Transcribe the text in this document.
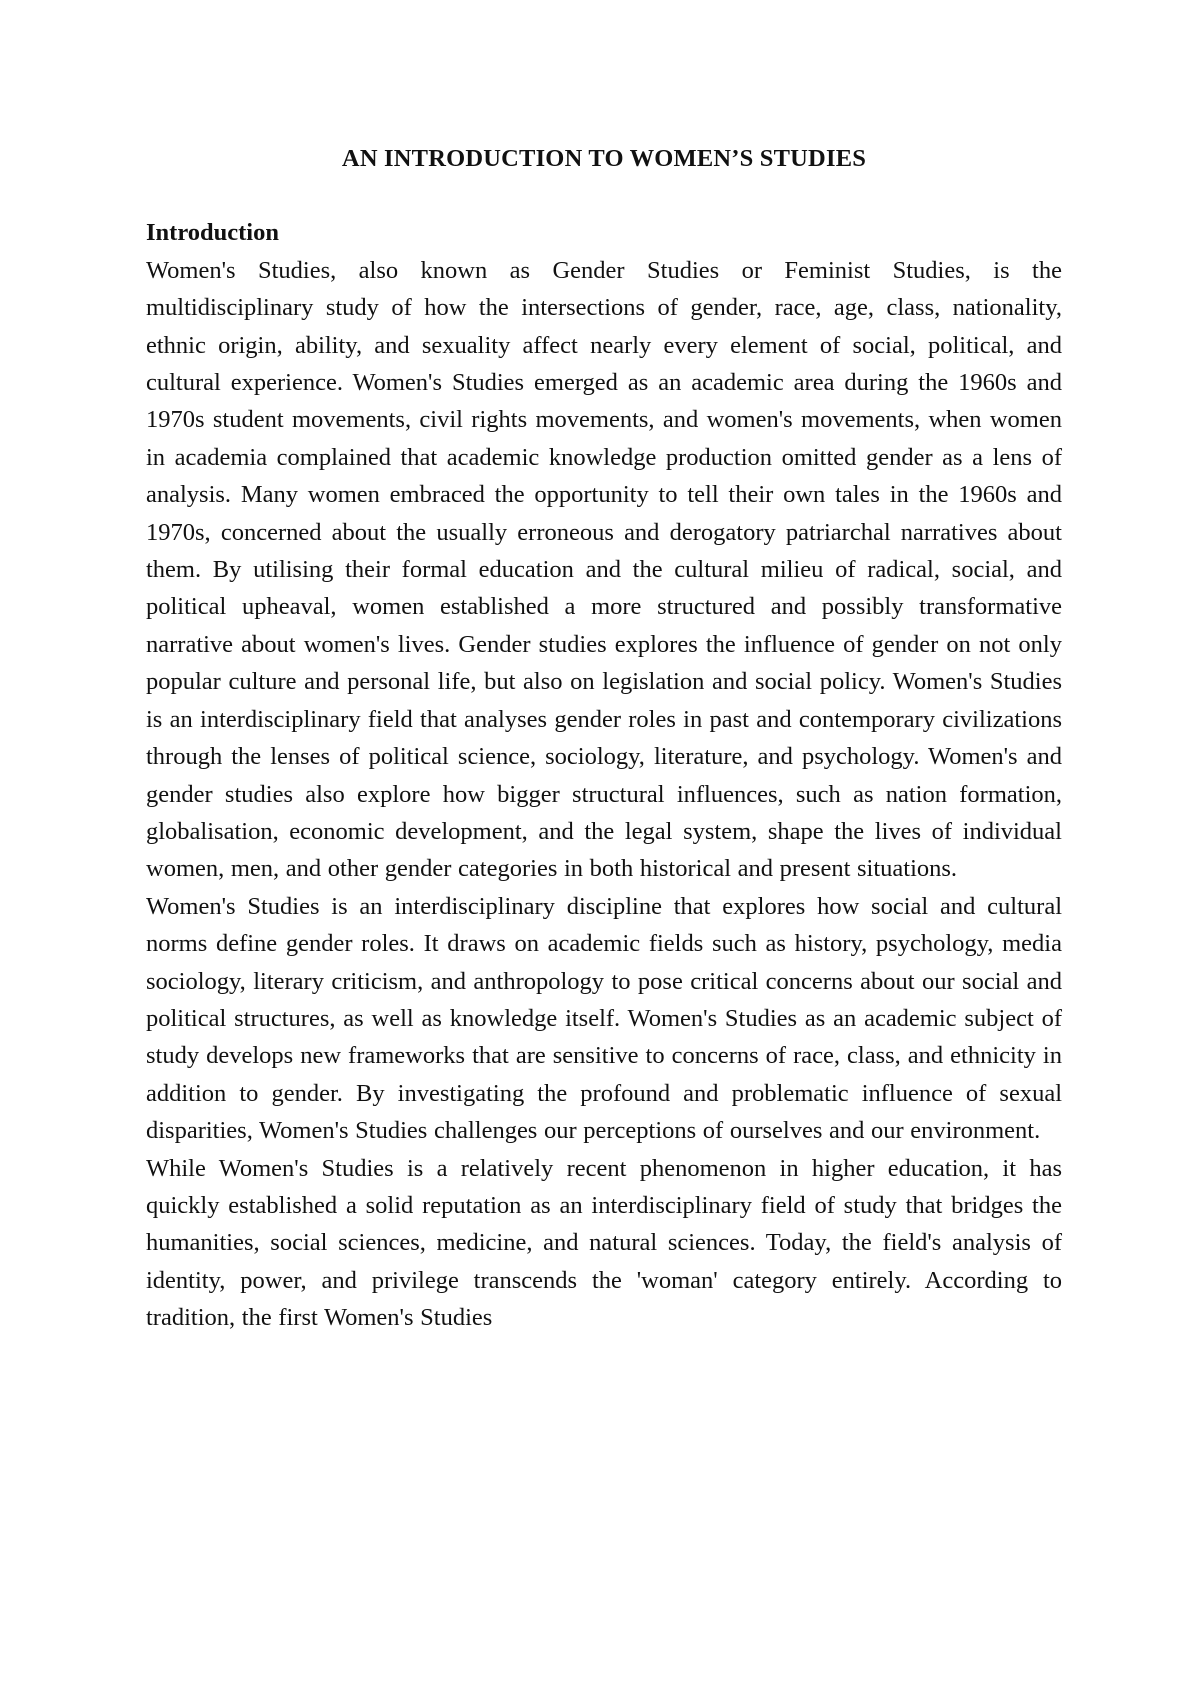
AN INTRODUCTION TO WOMEN’S STUDIES
Introduction

Women's Studies, also known as Gender Studies or Feminist Studies, is the multidisciplinary study of how the intersections of gender, race, age, class, nationality, ethnic origin, ability, and sexuality affect nearly every element of social, political, and cultural experience. Women's Studies emerged as an academic area during the 1960s and 1970s student movements, civil rights movements, and women's movements, when women in academia complained that academic knowledge production omitted gender as a lens of analysis. Many women embraced the opportunity to tell their own tales in the 1960s and 1970s, concerned about the usually erroneous and derogatory patriarchal narratives about them. By utilising their formal education and the cultural milieu of radical, social, and political upheaval, women established a more structured and possibly transformative narrative about women's lives. Gender studies explores the influence of gender on not only popular culture and personal life, but also on legislation and social policy. Women's Studies is an interdisciplinary field that analyses gender roles in past and contemporary civilizations through the lenses of political science, sociology, literature, and psychology. Women's and gender studies also explore how bigger structural influences, such as nation formation, globalisation, economic development, and the legal system, shape the lives of individual women, men, and other gender categories in both historical and present situations.

Women's Studies is an interdisciplinary discipline that explores how social and cultural norms define gender roles. It draws on academic fields such as history, psychology, media sociology, literary criticism, and anthropology to pose critical concerns about our social and political structures, as well as knowledge itself. Women's Studies as an academic subject of study develops new frameworks that are sensitive to concerns of race, class, and ethnicity in addition to gender. By investigating the profound and problematic influence of sexual disparities, Women's Studies challenges our perceptions of ourselves and our environment.

While Women's Studies is a relatively recent phenomenon in higher education, it has quickly established a solid reputation as an interdisciplinary field of study that bridges the humanities, social sciences, medicine, and natural sciences. Today, the field's analysis of identity, power, and privilege transcends the 'woman' category entirely. According to tradition, the first Women's Studies
